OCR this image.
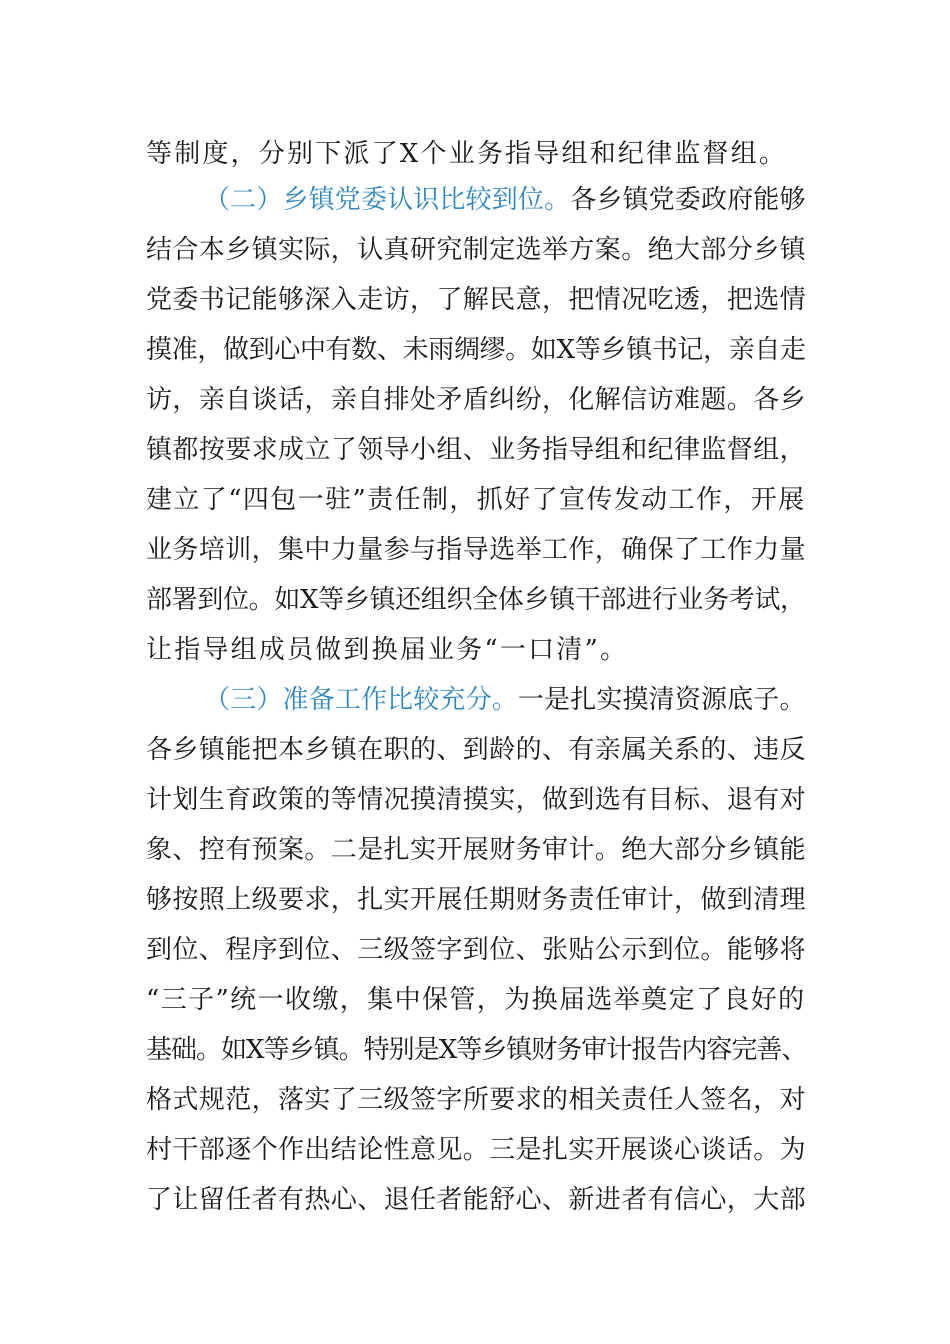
等制度，分别下派了X个业务指导组和纪律监督组。
（二）乡镇党委认识比较到位。各乡镇党委政府能够
结合本乡镇实际，认真研究制定选举方案。绝大部分乡镇
党委书记能够深入走访，了解民意，把情况吃透，把选情
摸准，做到心中有数、未雨绸缪。如X等乡镇书记，亲自走
访，亲自谈话，亲自排处矛盾纠纷，化解信访难题。各乡
镇都按要求成立了领导小组、业务指导组和纪律监督组，
建立了“四包一驻”责任制，抓好了宣传发动工作，开展
业务培训，集中力量参与指导选举工作，确保了工作力量
部署到位。如X等乡镇还组织全体乡镇干部进行业务考试，
让指导组成员做到换届业务“一口清”。
（三）准备工作比较充分。一是扎实摸清资源底子。
各乡镇能把本乡镇在职的、到龄的、有亲属关系的、违反
计划生育政策的等情况摸清摸实，做到选有目标、退有对
象、控有预案。二是扎实开展财务审计。绝大部分乡镇能
够按照上级要求，扎实开展任期财务责任审计，做到清理
到位、程序到位、三级签字到位、张贴公示到位。能够将
“三子”统一收缴，集中保管，为换届选举奠定了良好的
基础。如X等乡镇。特别是X等乡镇财务审计报告内容完善、
格式规范，落实了三级签字所要求的相关责任人签名，对
村干部逐个作出结论性意见。三是扎实开展谈心谈话。为
了让留任者有热心、退任者能舒心、新进者有信心，大部
